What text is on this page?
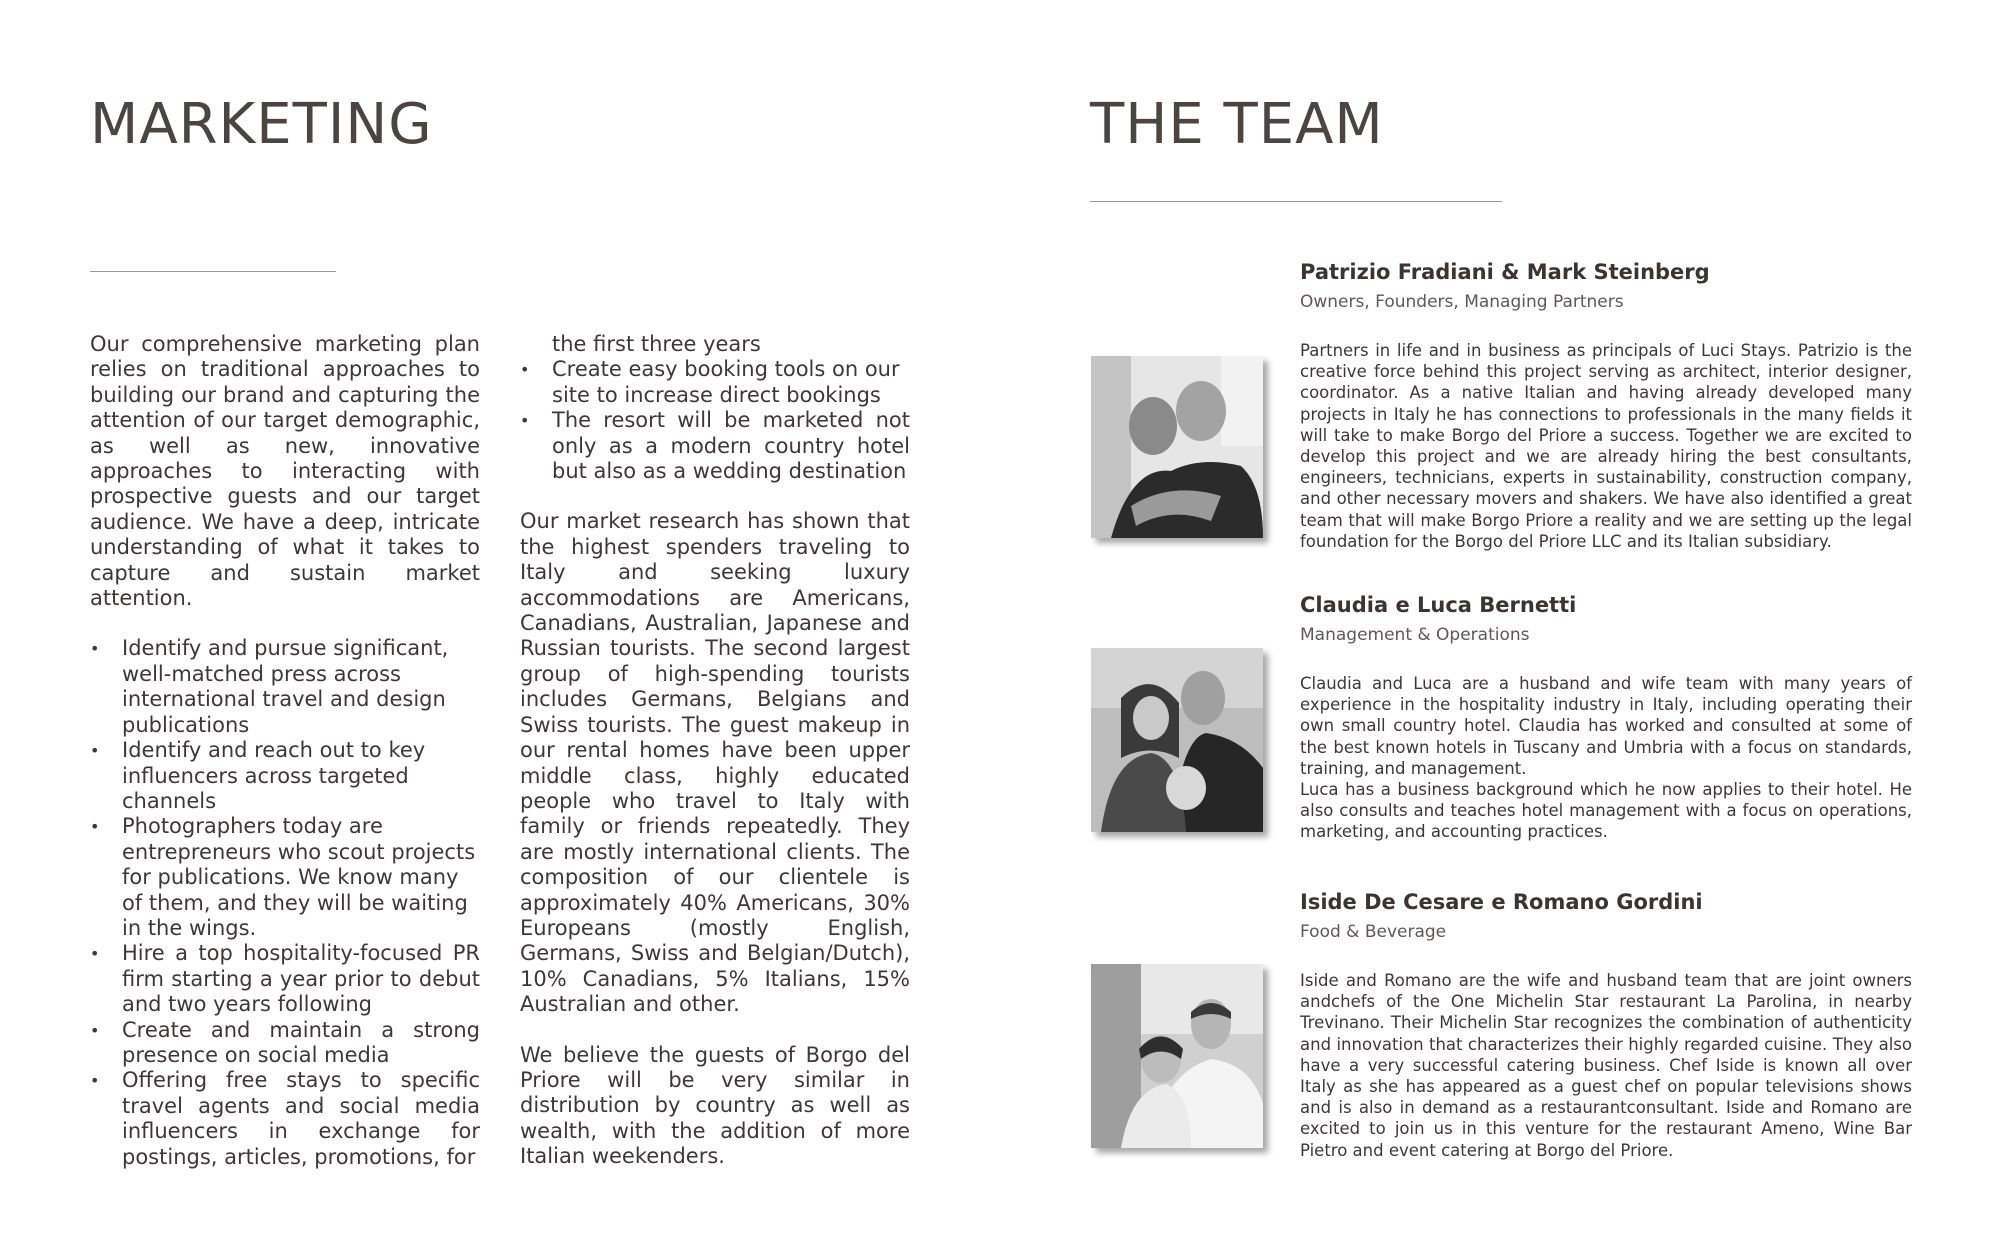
MARKETING

Our comprehensive marketing plan relies on traditional approaches to building our brand and capturing the attention of our target demographic, as well as new, innovative approaches to interacting with prospective guests and our target audience. We have a deep, intricate understanding of what it takes to capture and sustain market attention.

• Identify and pursue significant, well-matched press across international travel and design publications
• Identify and reach out to key influencers across targeted channels
• Photographers today are entrepreneurs who scout projects for publications. We know many of them, and they will be waiting in the wings.
• Hire a top hospitality-focused PR firm starting a year prior to debut and two years following
• Create and maintain a strong presence on social media
• Offering free stays to specific travel agents and social media influencers in exchange for postings, articles, promotions, for

the first three years

• Create easy booking tools on our site to increase direct bookings
• The resort will be marketed not only as a modern country hotel but also as a wedding destination

Our market research has shown that the highest spenders traveling to Italy and seeking luxury accommodations are Americans, Canadians, Australian, Japanese and Russian tourists. The second largest group of high-spending tourists includes Germans, Belgians and Swiss tourists. The guest makeup in our rental homes have been upper middle class, highly educated people who travel to Italy with family or friends repeatedly. They are mostly international clients. The composition of our clientele is approximately 40% Americans, 30% Europeans (mostly English, Germans, Swiss and Belgian/Dutch), 10% Canadians, 5% Italians, 15% Australian and other.

We believe the guests of Borgo del Priore will be very similar in distribution by country as well as wealth, with the addition of more Italian weekenders.

THE TEAM
Patrizio Fradiani & Mark Steinberg
Owners, Founders, Managing Partners
Partners in life and in business as principals of Luci Stays. Patrizio is the creative force behind this project serving as architect, interior designer, coordinator. As a native Italian and having already developed many projects in Italy he has connections to professionals in the many fields it will take to make Borgo del Priore a success. Together we are excited to develop this project and we are already hiring the best consultants, engineers, technicians, experts in sustainability, construction company, and other necessary movers and shakers. We have also identified a great team that will make Borgo Priore a reality and we are setting up the legal foundation for the Borgo del Priore LLC and its Italian subsidiary.
Claudia e Luca Bernetti
Management & Operations
Claudia and Luca are a husband and wife team with many years of experience in the hospitality industry in Italy, including operating their own small country hotel. Claudia has worked and consulted at some of the best known hotels in Tuscany and Umbria with a focus on standards, training, and management.
Luca has a business background which he now applies to their hotel. He also consults and teaches hotel management with a focus on operations, marketing, and accounting practices.
Iside De Cesare e Romano Gordini
Food & Beverage
Iside and Romano are the wife and husband team that are joint owners andchefs of the One Michelin Star restaurant La Parolina, in nearby Trevinano. Their Michelin Star recognizes the combination of authenticity and innovation that characterizes their highly regarded cuisine. They also have a very successful catering business. Chef Iside is known all over Italy as she has appeared as a guest chef on popular televisions shows and is also in demand as a restaurantconsultant. Iside and Romano are excited to join us in this venture for the restaurant Ameno, Wine Bar Pietro and event catering at Borgo del Priore.
